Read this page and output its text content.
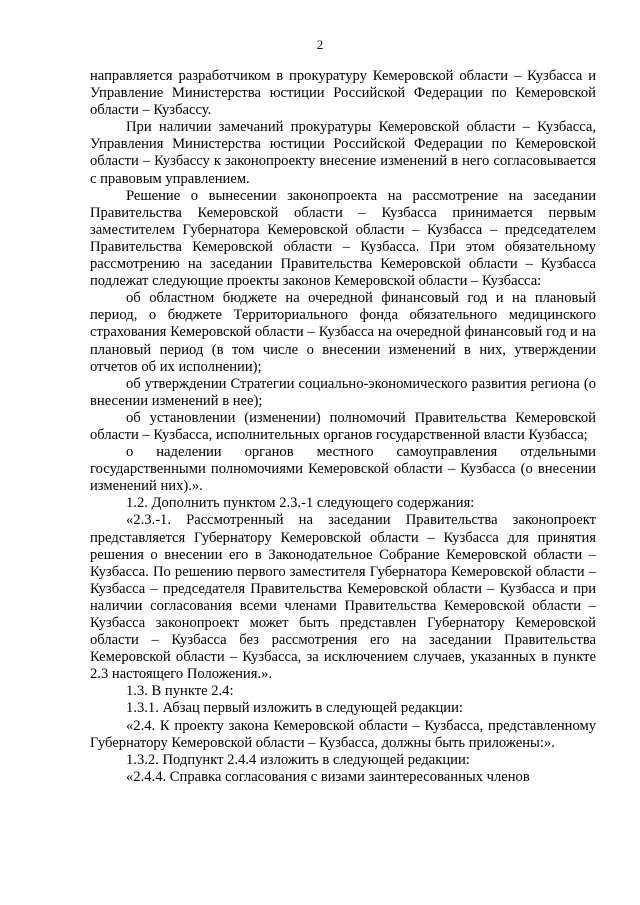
2

направляется разработчиком в прокуратуру Кемеровской области – Кузбасса и Управление Министерства юстиции Российской Федерации по Кемеровской области – Кузбассу.

При наличии замечаний прокуратуры Кемеровской области – Кузбасса, Управления Министерства юстиции Российской Федерации по Кемеровской области – Кузбассу к законопроекту внесение изменений в него согласовывается с правовым управлением.

Решение о вынесении законопроекта на рассмотрение на заседании Правительства Кемеровской области – Кузбасса принимается первым заместителем Губернатора Кемеровской области – Кузбасса – председателем Правительства Кемеровской области – Кузбасса. При этом обязательному рассмотрению на заседании Правительства Кемеровской области – Кузбасса подлежат следующие проекты законов Кемеровской области – Кузбасса:

об областном бюджете на очередной финансовый год и на плановый период, о бюджете Территориального фонда обязательного медицинского страхования Кемеровской области – Кузбасса на очередной финансовый год и на плановый период (в том числе о внесении изменений в них, утверждении отчетов об их исполнении);

об утверждении Стратегии социально-экономического развития региона (о внесении изменений в нее);

об установлении (изменении) полномочий Правительства Кемеровской области – Кузбасса, исполнительных органов государственной власти Кузбасса;

о наделении органов местного самоуправления отдельными государственными полномочиями Кемеровской области – Кузбасса (о внесении изменений них).».

1.2. Дополнить пунктом 2.3.-1 следующего содержания:

«2.3.-1. Рассмотренный на заседании Правительства законопроект представляется Губернатору Кемеровской области – Кузбасса для принятия решения о внесении его в Законодательное Собрание Кемеровской области – Кузбасса. По решению первого заместителя Губернатора Кемеровской области – Кузбасса – председателя Правительства Кемеровской области – Кузбасса и при наличии согласования всеми членами Правительства Кемеровской области – Кузбасса законопроект может быть представлен Губернатору Кемеровской области – Кузбасса без рассмотрения его на заседании Правительства Кемеровской области – Кузбасса, за исключением случаев, указанных в пункте 2.3 настоящего Положения.».

1.3. В пункте 2.4:

1.3.1. Абзац первый изложить в следующей редакции:

«2.4. К проекту закона Кемеровской области – Кузбасса, представленному Губернатору Кемеровской области – Кузбасса, должны быть приложены:».

1.3.2. Подпункт 2.4.4 изложить в следующей редакции:

«2.4.4. Справка согласования с визами заинтересованных членов
